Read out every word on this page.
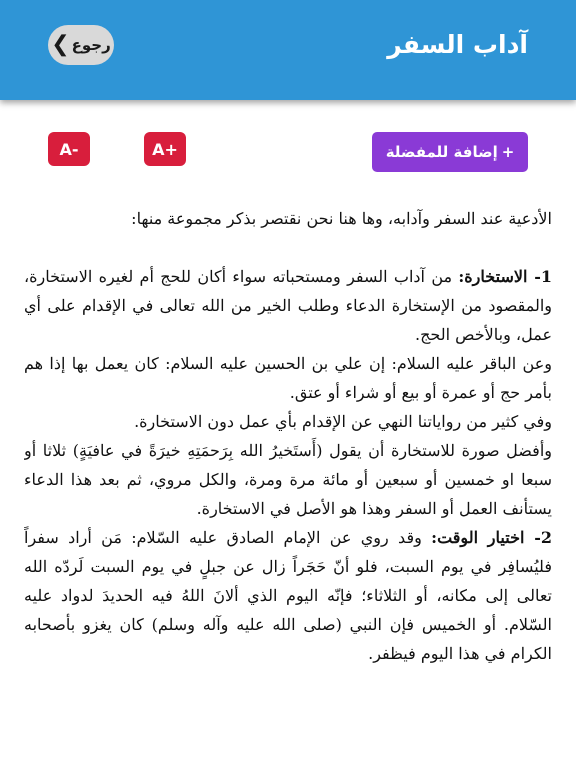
❮ رجوع	آداب السفر
+
إضافة للمفضلة
A+
A-

الأدعية عند السفر وآدابه، وها هنا نحن نقتصر بذكر مجموعة منها:

1- الاستخارة: من آداب السفر ومستحباته سواء أكان للحج أم لغيره الاستخارة، والمقصود من الإستخارة الدعاء وطلب الخير من الله تعالى في الإقدام على أي عمل، وبالأخص الحج.

وعن الباقر عليه السلام: إن علي بن الحسين عليه السلام: كان يعمل بها إذا هم بأمر حج أو عمرة أو بيع أو شراء أو عتق.

وفي كثير من رواياتنا النهي عن الإقدام بأي عمل دون الاستخارة.

وأفضل صورة للاستخارة أن يقول (أَستَخيرُ الله بِرَحمَتِهِ خيرَةً في عافيَةٍ) ثلاثا أو سبعا او خمسين أو سبعين أو مائة مرة ومرة، والكل مروي، ثم بعد هذا الدعاء يستأنف العمل أو السفر وهذا هو الأصل في الاستخارة.

2- اختيار الوقت: وقد روي عن الإمام الصادق عليه السّلام: مَن أراد سفراً فليُسافِر في يوم السبت، فلو أنّ حَجَراً زال عن جبلٍ في يوم السبت لَردّه الله تعالى إلى مكانه، أو الثلاثاء؛ فإنّه اليوم الذي ألانَ اللهُ فيه الحديدَ لدواد عليه السّلام. أو الخميس فإن النبي (صلى الله عليه وآله وسلم) كان يغزو بأصحابه الكرام في هذا اليوم فيظفر.
